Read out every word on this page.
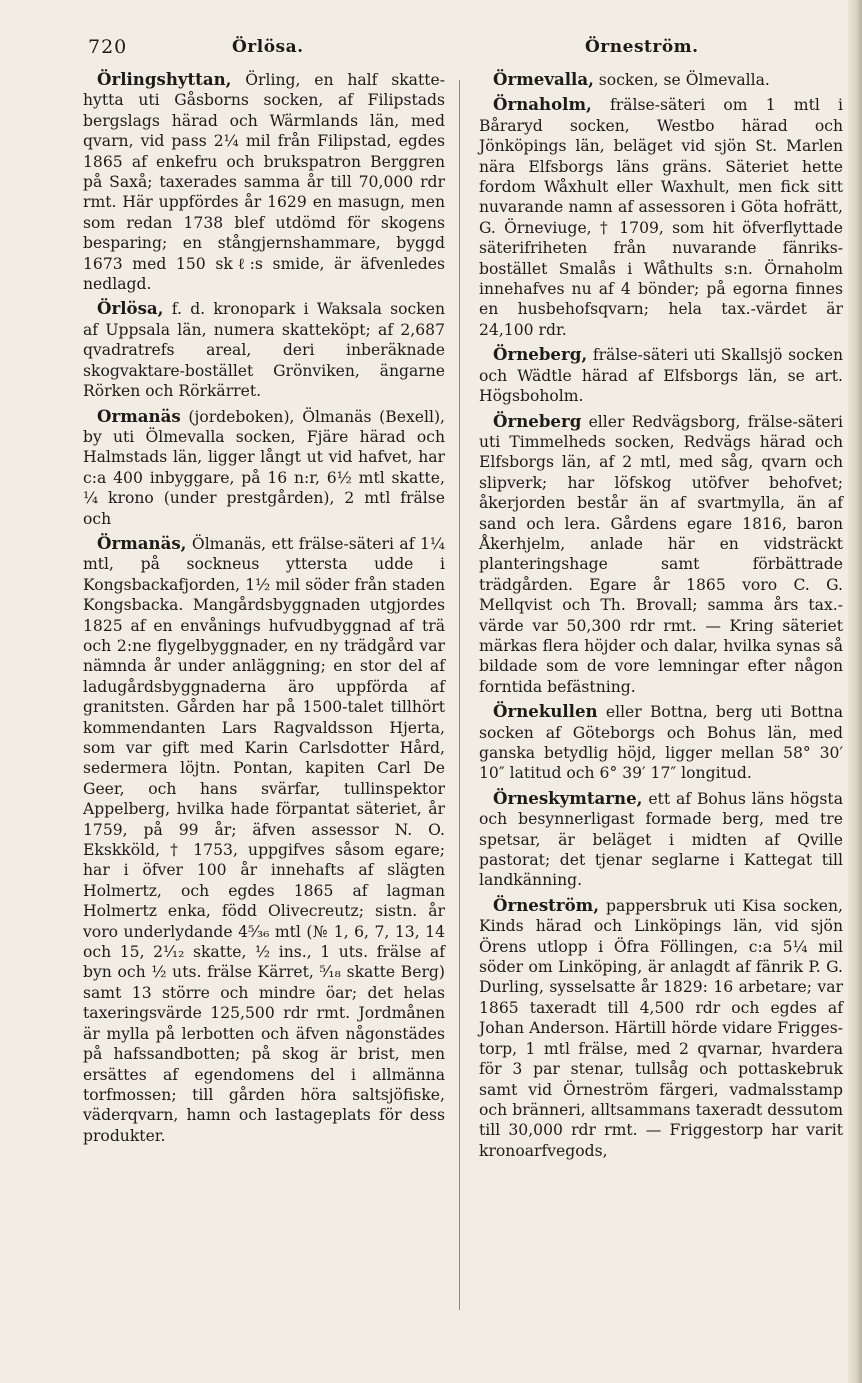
720	Örlösa.	Örneström.

Örlingshyttan, Örling, en half skatte-hytta uti Gåsborns socken, af Filipstads bergslags härad och Wärmlands län, med qvarn, vid pass 2¼ mil från Filipstad, egdes 1865 af enkefru och brukspatron Berggren på Saxå; taxerades samma år till 70,000 rdr rmt. Här uppfördes år 1629 en masugn, men som redan 1738 blef utdömd för skogens besparing; en stångjernshammare, byggd 1673 med 150 skℓ:s smide, är äfvenledes nedlagd.

Örlösa, f. d. kronopark i Waksala socken af Uppsala län, numera skatteköpt; af 2,687 qvadratrefs areal, deri inberäknade skogvaktare-bostället Grönviken, ängarne Rörken och Rörkärret.

Ormanäs (jordeboken), Ölmanäs (Bexell), by uti Ölmevalla socken, Fjäre härad och Halmstads län, ligger långt ut vid hafvet, har c:a 400 inbyggare, på 16 n:r, 6½ mtl skatte, ¼ krono (under prestgården), 2 mtl frälse och

Örmanäs, Ölmanäs, ett frälse-säteri af 1¼ mtl, på sockneus yttersta udde i Kongsbackafjorden, 1½ mil söder från staden Kongsbacka. Mangårdsbyggnaden utgjordes 1825 af en envånings hufvudbyggnad af trä och 2:ne flygelbyggnader, en ny trädgård var nämnda år under anläggning; en stor del af ladugårdsbyggnaderna äro uppförda af granitsten. Gården har på 1500-talet tillhört kommendanten Lars Ragvaldsson Hjerta, som var gift med Karin Carlsdotter Hård, sedermera löjtn. Pontan, kapiten Carl De Geer, och hans svärfar, tullinspektor Appelberg, hvilka hade förpantat säteriet, år 1759, på 99 år; äfven assessor N. O. Ekskköld, † 1753, uppgifves såsom egare; har i öfver 100 år innehafts af slägten Holmertz, och egdes 1865 af lagman Holmertz enka, född Olivecreutz; sistn. år voro underlydande 4⁵⁄₃₆ mtl (№ 1, 6, 7, 13, 14 och 15, 2¹⁄₁₂ skatte, ½ ins., 1 uts. frälse af byn och ½ uts. frälse Kärret, ⁵⁄₁₈ skatte Berg) samt 13 större och mindre öar; det helas taxeringsvärde 125,500 rdr rmt. Jordmånen är mylla på lerbotten och äfven någonstädes på hafssandbotten; på skog är brist, men ersättes af egendomens del i allmänna torfmossen; till gården höra saltsjöfiske, väderqvarn, hamn och lastageplats för dess produkter.

Örmevalla, socken, se Ölmevalla.

Örnaholm, frälse-säteri om 1 mtl i Båraryd socken, Westbo härad och Jönköpings län, beläget vid sjön St. Marlen nära Elfsborgs läns gräns. Säteriet hette fordom Wåxhult eller Waxhult, men fick sitt nuvarande namn af assessoren i Göta hofrätt, G. Örneviuge, † 1709, som hit öfverflyttade säterifriheten från nuvarande fänriks-bostället Smalås i Wåthults s:n. Örnaholm innehafves nu af 4 bönder; på egorna finnes en husbehofsqvarn; hela tax.-värdet är 24,100 rdr.

Örneberg, frälse-säteri uti Skallsjö socken och Wädtle härad af Elfsborgs län, se art. Högsboholm.

Örneberg eller Redvägsborg, frälse-säteri uti Timmelheds socken, Redvägs härad och Elfsborgs län, af 2 mtl, med såg, qvarn och slipverk; har löfskog utöfver behofvet; åkerjorden består än af svartmylla, än af sand och lera. Gårdens egare 1816, baron Åkerhjelm, anlade här en vidsträckt planteringshage samt förbättrade trädgården. Egare år 1865 voro C. G. Mellqvist och Th. Brovall; samma års tax.-värde var 50,300 rdr rmt. — Kring säteriet märkas flera höjder och dalar, hvilka synas så bildade som de vore lemningar efter någon forntida befästning.

Örnekullen eller Bottna, berg uti Bottna socken af Göteborgs och Bohus län, med ganska betydlig höjd, ligger mellan 58° 30′ 10″ latitud och 6° 39′ 17″ longitud.

Örneskymtarne, ett af Bohus läns högsta och besynnerligast formade berg, med tre spetsar, är beläget i midten af Qville pastorat; det tjenar seglarne i Kattegat till landkänning.

Örneström, pappersbruk uti Kisa socken, Kinds härad och Linköpings län, vid sjön Örens utlopp i Öfra Föllingen, c:a 5¼ mil söder om Linköping, är anlagdt af fänrik P. G. Durling, sysselsatte år 1829: 16 arbetare; var 1865 taxeradt till 4,500 rdr och egdes af Johan Anderson. Härtill hörde vidare Frigges-torp, 1 mtl frälse, med 2 qvarnar, hvardera för 3 par stenar, tullsåg och pottaskebruk samt vid Örneström färgeri, vadmalsstamp och bränneri, alltsammans taxeradt dessutom till 30,000 rdr rmt. — Friggestorp har varit kronoarfvegods,
